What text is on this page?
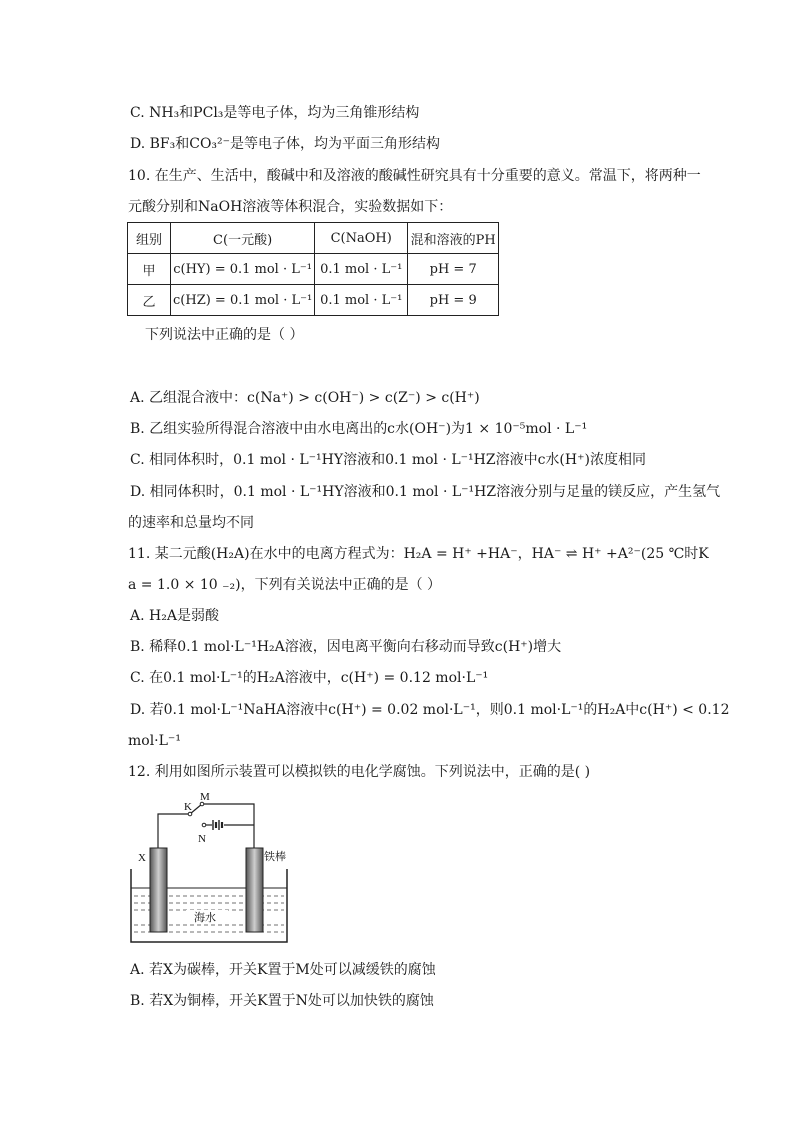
C. NH₃和PCl₃是等电子体，均为三角锥形结构
D. BF₃和CO₃²⁻是等电子体，均为平面三角形结构
10. 在生产、生活中，酸碱中和及溶液的酸碱性研究具有十分重要的意义。常温下，将两种一
元酸分别和NaOH溶液等体积混合，实验数据如下：
组别	C(一元酸)	C(NaOH)	混和溶液的PH
甲	c(HY) = 0.1 mol · L⁻¹	0.1 mol · L⁻¹	pH = 7
乙	c(HZ) = 0.1 mol · L⁻¹	0.1 mol · L⁻¹	pH = 9
下列说法中正确的是（ ）
A. 乙组混合液中：c(Na⁺) > c(OH⁻) > c(Z⁻) > c(H⁺)
B. 乙组实验所得混合溶液中由水电离出的c水(OH⁻)为1 × 10⁻⁵mol · L⁻¹
C. 相同体积时，0.1 mol · L⁻¹HY溶液和0.1 mol · L⁻¹HZ溶液中c水(H⁺)浓度相同
D. 相同体积时，0.1 mol · L⁻¹HY溶液和0.1 mol · L⁻¹HZ溶液分别与足量的镁反应，产生氢气
的速率和总量均不同
11. 某二元酸(H₂A)在水中的电离方程式为：H₂A = H⁺ +HA⁻，HA⁻ ⇌ H⁺ +A²⁻(25 ℃时K
a = 1.0 × 10 ₋₂)，下列有关说法中正确的是（ ）
A. H₂A是弱酸
B. 稀释0.1 mol·L⁻¹H₂A溶液，因电离平衡向右移动而导致c(H⁺)增大
C. 在0.1 mol·L⁻¹的H₂A溶液中，c(H⁺) = 0.12 mol·L⁻¹
D. 若0.1 mol·L⁻¹NaHA溶液中c(H⁺) = 0.02 mol·L⁻¹，则0.1 mol·L⁻¹的H₂A中c(H⁺) < 0.12
mol·L⁻¹
12. 利用如图所示装置可以模拟铁的电化学腐蚀。下列说法中，正确的是( )
M
K
N
X	铁棒
海水
A. 若X为碳棒，开关K置于M处可以减缓铁的腐蚀
B. 若X为铜棒，开关K置于N处可以加快铁的腐蚀
